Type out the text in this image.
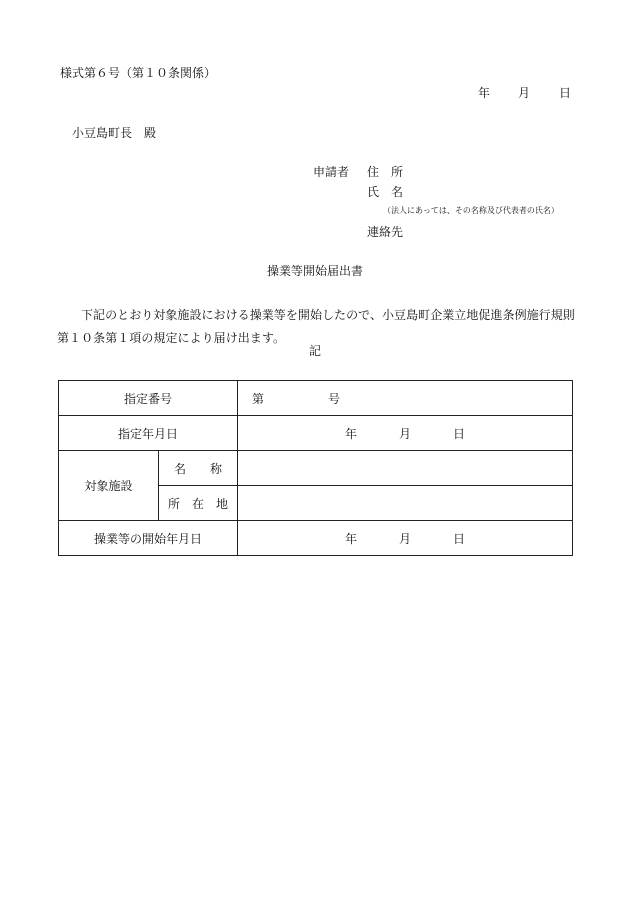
様式第６号（第１０条関係）
年 月 日
小豆島町長　殿
申請者 住　所
氏　名
（法人にあっては、その名称及び代表者の氏名）
連絡先
操業等開始届出書
下記のとおり対象施設における操業等を開始したので、小豆島町企業立地促進条例施行規則第１０条第１項の規定により届け出ます。
記
指定番号		第 号
指定年月日		年 月 日
対象施設	名　　称	
	所　在　地	
操業等の開始年月日		年 月 日
